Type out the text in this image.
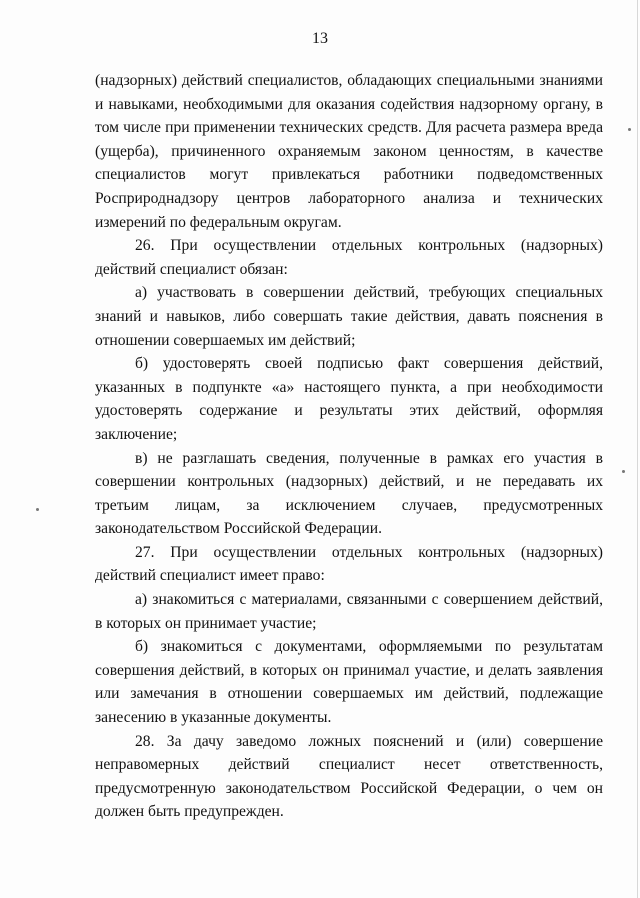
13

(надзорных) действий специалистов, обладающих специальными знаниями и навыками, необходимыми для оказания содействия надзорному органу, в том числе при применении технических средств. Для расчета размера вреда (ущерба), причиненного охраняемым законом ценностям, в качестве специалистов могут привлекаться работники подведомственных Росприроднадзору центров лабораторного анализа и технических измерений по федеральным округам.

26. При осуществлении отдельных контрольных (надзорных) действий специалист обязан:

а) участвовать в совершении действий, требующих специальных знаний и навыков, либо совершать такие действия, давать пояснения в отношении совершаемых им действий;

б) удостоверять своей подписью факт совершения действий, указанных в подпункте «а» настоящего пункта, а при необходимости удостоверять содержание и результаты этих действий, оформляя заключение;

в) не разглашать сведения, полученные в рамках его участия в совершении контрольных (надзорных) действий, и не передавать их третьим лицам, за исключением случаев, предусмотренных законодательством Российской Федерации.

27. При осуществлении отдельных контрольных (надзорных) действий специалист имеет право:

а) знакомиться с материалами, связанными с совершением действий, в которых он принимает участие;

б) знакомиться с документами, оформляемыми по результатам совершения действий, в которых он принимал участие, и делать заявления или замечания в отношении совершаемых им действий, подлежащие занесению в указанные документы.

28. За дачу заведомо ложных пояснений и (или) совершение неправомерных действий специалист несет ответственность, предусмотренную законодательством Российской Федерации, о чем он должен быть предупрежден.
